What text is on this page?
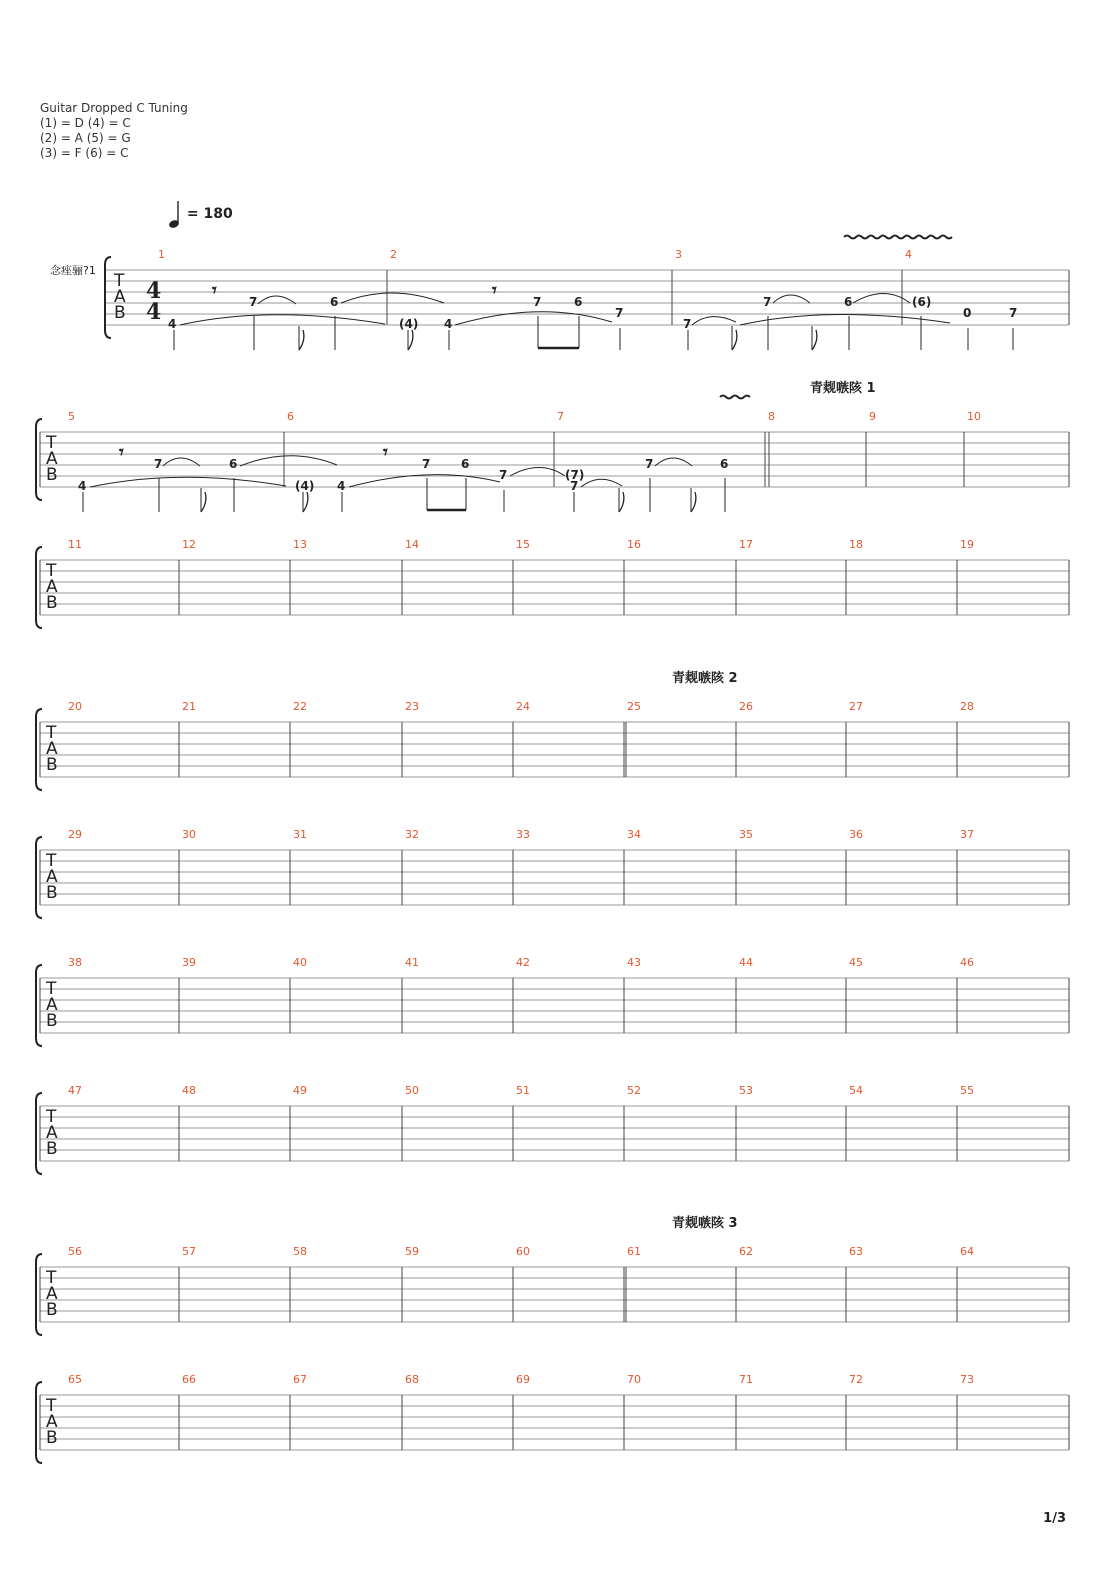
Guitar Dropped C Tuning
(1) = D (4) = C
(2) = A (5) = G
(3) = F (6) = C
= 180
念痤骊?1
青觌嗾陔 1
青觌嗾陔 2
青觌嗾陔 3
T
A
B
1	2	3	4
T
A
B
5	6	7	8	9	10
T
A
B
11	12	13	14	15	16	17	18	19
T
A
B
20	21	22	23	24	25	26	27	28
T
A
B
29	30	31	32	33	34	35	36	37
T
A
B
38	39	40	41	42	43	44	45	46
T
A
B
47	48	49	50	51	52	53	54	55
T
A
B
56	57	58	59	60	61	62	63	64
T
A
B
65	66	67	68	69	70	71	72	73
4
4
𝄾	𝄾
4
7	6
(4) 4
7	6
7
7
7	6	(6)
0	7
𝄾	𝄾
4
7	6
(4) 4
7	6
7	(7)
7
7	6
1/3
